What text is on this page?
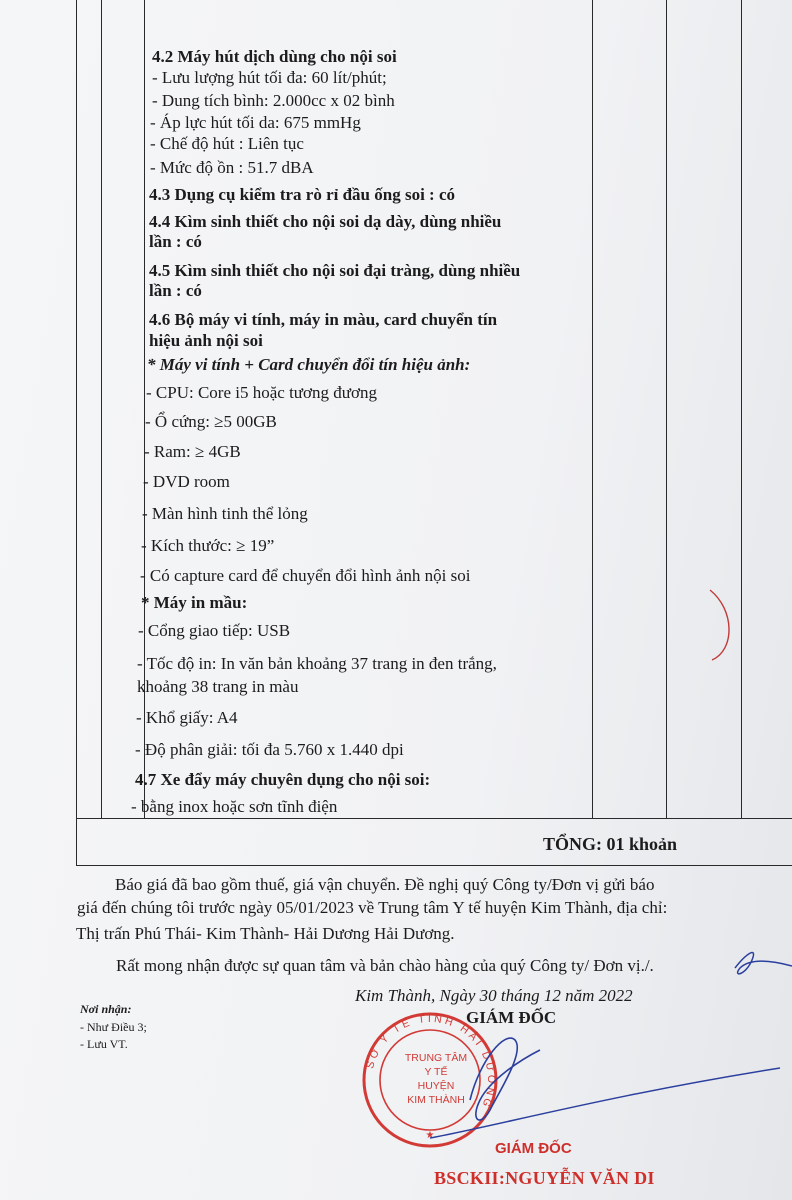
4.2 Máy hút dịch dùng cho nội soi
- Lưu lượng hút tối đa: 60 lít/phút;
- Dung tích bình: 2.000cc x 02 bình
- Áp lực hút tối da: 675 mmHg
- Chế độ hút : Liên tục
- Mức độ ồn : 51.7 dBA
4.3 Dụng cụ kiểm tra rò rỉ đầu ống soi : có
4.4 Kìm sinh thiết cho nội soi dạ dày, dùng nhiều
lần : có
4.5 Kìm sinh thiết cho nội soi đại tràng, dùng nhiều
lần : có
4.6 Bộ máy vi tính, máy in màu, card chuyển tín
hiệu ảnh nội soi
* Máy vi tính + Card chuyển đổi tín hiệu ảnh:
- CPU: Core i5 hoặc tương đương
- Ổ cứng: ≥5 00GB
- Ram: ≥ 4GB
- DVD room
- Màn hình tinh thể lỏng
- Kích thước: ≥ 19”
- Có capture card để chuyển đổi hình ảnh nội soi
* Máy in mầu:
- Cổng giao tiếp: USB
- Tốc độ in: In văn bản khoảng 37 trang in đen trắng,
khoảng 38 trang in màu
- Khổ giấy: A4
- Độ phân giải: tối đa 5.760 x 1.440 dpi
4.7 Xe đẩy máy chuyên dụng cho nội soi:
- bằng inox hoặc sơn tĩnh điện
TỔNG: 01 khoản
Báo giá đã bao gồm thuế, giá vận chuyển. Đề nghị quý Công ty/Đơn vị gửi báo
giá đến chúng tôi trước ngày 05/01/2023 về Trung tâm Y tế huyện Kim Thành, địa chỉ:
Thị trấn Phú Thái- Kim Thành- Hải Dương Hải Dương.
Rất mong nhận được sự quan tâm và bản chào hàng của quý Công ty/ Đơn vị./.
Kim Thành, Ngày 30 tháng 12 năm 2022
GIÁM ĐỐC
Nơi nhận:
- Như Điều 3;
- Lưu VT.
SỞ Y TẾ TỈNH HẢI DƯƠNG
★
TRUNG TÂM
Y TẾ
HUYỆN
KIM THÀNH
GIÁM ĐỐC
BSCKII:NGUYỄN VĂN DI
